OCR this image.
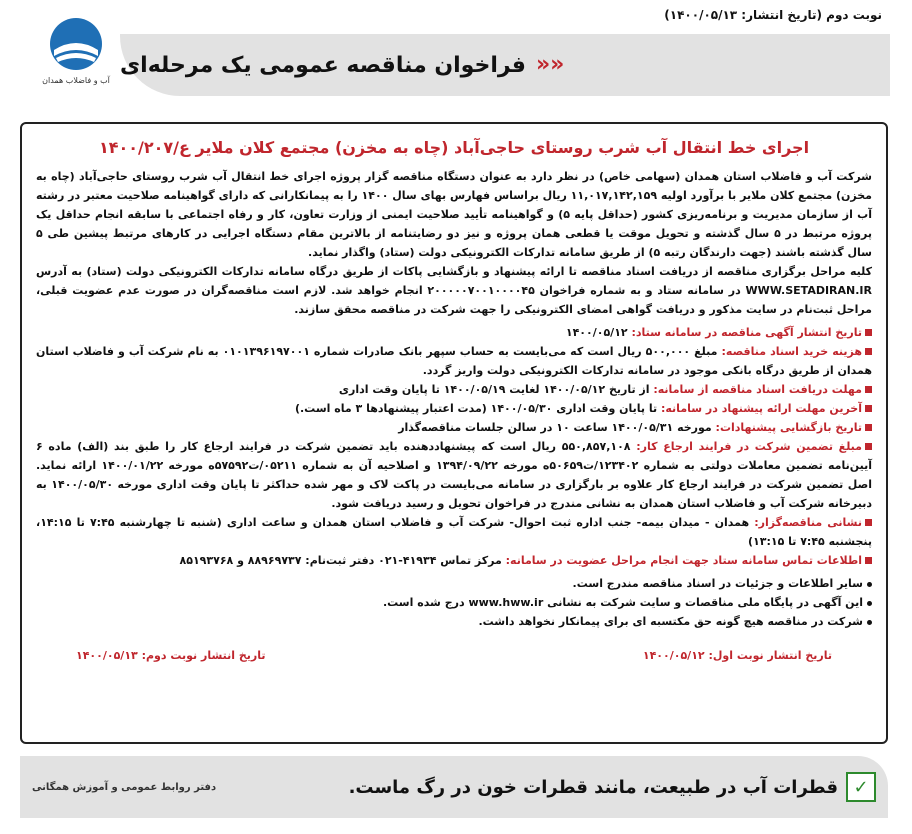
نوبت دوم (تاریخ انتشار: ۱۴۰۰/۰۵/۱۳)
آب و فاضلاب همدان
«
«
فراخوان مناقصه عمومی یک مرحله‌ای
اجرای خط انتقال آب شرب روستای حاجی‌آباد (چاه به مخزن) مجتمع کلان ملایر ع/۱۴۰۰/۲۰۷

شرکت آب و فاضلاب استان همدان (سهامی خاص) در نظر دارد به عنوان دستگاه مناقصه گزار پروژه اجرای خط انتقال آب شرب روستای حاجی‌آباد (چاه به مخزن) مجتمع کلان ملایر با برآورد اولیه ۱۱,۰۱۷,۱۴۲,۱۵۹ ریال براساس فهارس بهای سال ۱۴۰۰ را به پیمانکارانی که دارای گواهینامه صلاحیت معتبر در رشته آب از سازمان مدیریت و برنامه‌ریزی کشور (حداقل پایه ۵) و گواهینامه تأیید صلاحیت ایمنی از وزارت تعاون، کار و رفاه اجتماعی با سابقه انجام حداقل یک پروژه مرتبط در ۵ سال گذشته و تحویل موقت یا قطعی همان پروژه و نیز دو رضایتنامه از بالاترین مقام دستگاه اجرایی در کارهای مرتبط پیشین طی ۵ سال گذشته باشند (جهت دارندگان رتبه ۵) از طریق سامانه تدارکات الکترونیکی دولت (ستاد) واگذار نماید.

کلیه مراحل برگزاری مناقصه از دریافت اسناد مناقصه تا ارائه پیشنهاد و بازگشایی پاکات از طریق درگاه سامانه تدارکات الکترونیکی دولت (ستاد) به آدرس WWW.SETADIRAN.IR در سامانه ستاد و به شماره فراخوان ۲۰۰۰۰۰۷۰۰۱۰۰۰۰۴۵ انجام خواهد شد. لازم است مناقصه‌گران در صورت عدم عضویت قبلی، مراحل ثبت‌نام در سایت مذکور و دریافت گواهی امضای الکترونیکی را جهت شرکت در مناقصه محقق سازند.

تاریخ انتشار آگهی مناقصه در سامانه ستاد: ۱۴۰۰/۰۵/۱۲
هزینه خرید اسناد مناقصه: مبلغ ۵۰۰,۰۰۰ ریال است که می‌بایست به حساب سپهر بانک صادرات شماره ۰۱۰۱۳۹۶۱۹۷۰۰۱ به نام شرکت آب و فاضلاب استان همدان از طریق درگاه بانکی موجود در سامانه تدارکات الکترونیکی دولت واریز گردد.
مهلت دریافت اسناد مناقصه از سامانه: از تاریخ ۱۴۰۰/۰۵/۱۲ لغایت ۱۴۰۰/۰۵/۱۹ تا پایان وقت اداری
آخرین مهلت ارائه پیشنهاد در سامانه: تا پایان وقت اداری ۱۴۰۰/۰۵/۳۰ (مدت اعتبار پیشنهادها ۳ ماه است.)
تاریخ بازگشایی پیشنهادات: مورخه ۱۴۰۰/۰۵/۳۱ ساعت ۱۰ در سالن جلسات مناقصه‌گذار
مبلغ تضمین شرکت در فرایند ارجاع کار: ۵۵۰,۸۵۷,۱۰۸ ریال است که پیشنهاددهنده باید تضمین شرکت در فرایند ارجاع کار را طبق بند (الف) ماده ۶ آیین‌نامه تضمین معاملات دولتی به شماره ۱۲۳۴۰۲/ت۵۰۶۵۹ه مورخه ۱۳۹۴/۰۹/۲۲ و اصلاحیه آن به شماره ۰۵۲۱۱/ت۵۷۵۹۲ه مورخه ۱۴۰۰/۰۱/۲۲ ارائه نماید. اصل تضمین شرکت در فرایند ارجاع کار علاوه بر بارگزاری در سامانه می‌بایست در پاکت لاک و مهر شده حداکثر تا پایان وقت اداری مورخه ۱۴۰۰/۰۵/۳۰ به دبیرخانه شرکت آب و فاضلاب استان همدان به نشانی مندرج در فراخوان تحویل و رسید دریافت شود.
نشانی مناقصه‌گزار: همدان - میدان بیمه- جنب اداره ثبت احوال- شرکت آب و فاضلاب استان همدان و ساعت اداری (شنبه تا چهارشنبه ۷:۴۵ تا ۱۴:۱۵، پنجشنبه ۷:۴۵ تا ۱۳:۱۵)
اطلاعات تماس سامانه ستاد جهت انجام مراحل عضویت در سامانه: مرکز تماس ۴۱۹۳۴-۰۲۱ دفتر ثبت‌نام: ۸۸۹۶۹۷۳۷ و ۸۵۱۹۳۷۶۸
سایر اطلاعات و جزئیات در اسناد مناقصه مندرج است.
این آگهی در پایگاه ملی مناقصات و سایت شرکت به نشانی www.hww.ir درج شده است.
شرکت در مناقصه هیچ گونه حق مکتسبه ای برای پیمانکار نخواهد داشت.
تاریخ انتشار نوبت اول: ۱۴۰۰/۰۵/۱۲
تاریخ انتشار نوبت دوم: ۱۴۰۰/۰۵/۱۳
✓
قطرات آب در طبیعت، مانند قطرات خون در رگ ماست.
دفتر روابط عمومی و آموزش همگانی
